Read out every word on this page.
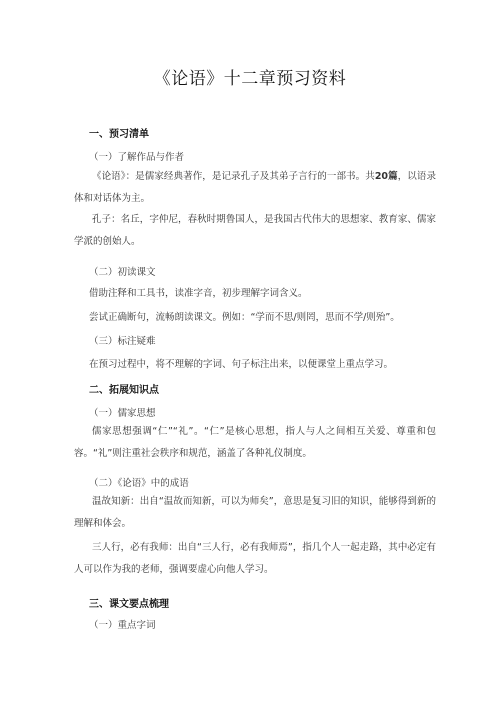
《论语》十二章预习资料
一、预习清单
（一）了解作品与作者
《论语》：是儒家经典著作，是记录孔子及其弟子言行的一部书。共20篇，以语录体和对话体为主。
孔子：名丘，字仲尼，春秋时期鲁国人，是我国古代伟大的思想家、教育家、儒家学派的创始人。
（二）初读课文
借助注释和工具书，读准字音，初步理解字词含义。
尝试正确断句，流畅朗读课文。例如：“学而不思/则罔，思而不学/则殆”。
（三）标注疑难
在预习过程中，将不理解的字词、句子标注出来，以便课堂上重点学习。
二、拓展知识点
（一）儒家思想
儒家思想强调“仁”“礼”。“仁”是核心思想，指人与人之间相互关爱、尊重和包容。“礼”则注重社会秩序和规范，涵盖了各种礼仪制度。
（二）《论语》中的成语
温故知新：出自“温故而知新，可以为师矣”，意思是复习旧的知识，能够得到新的理解和体会。
三人行，必有我师：出自“三人行，必有我师焉”，指几个人一起走路，其中必定有人可以作为我的老师，强调要虚心向他人学习。
三、课文要点梳理
（一）重点字词
